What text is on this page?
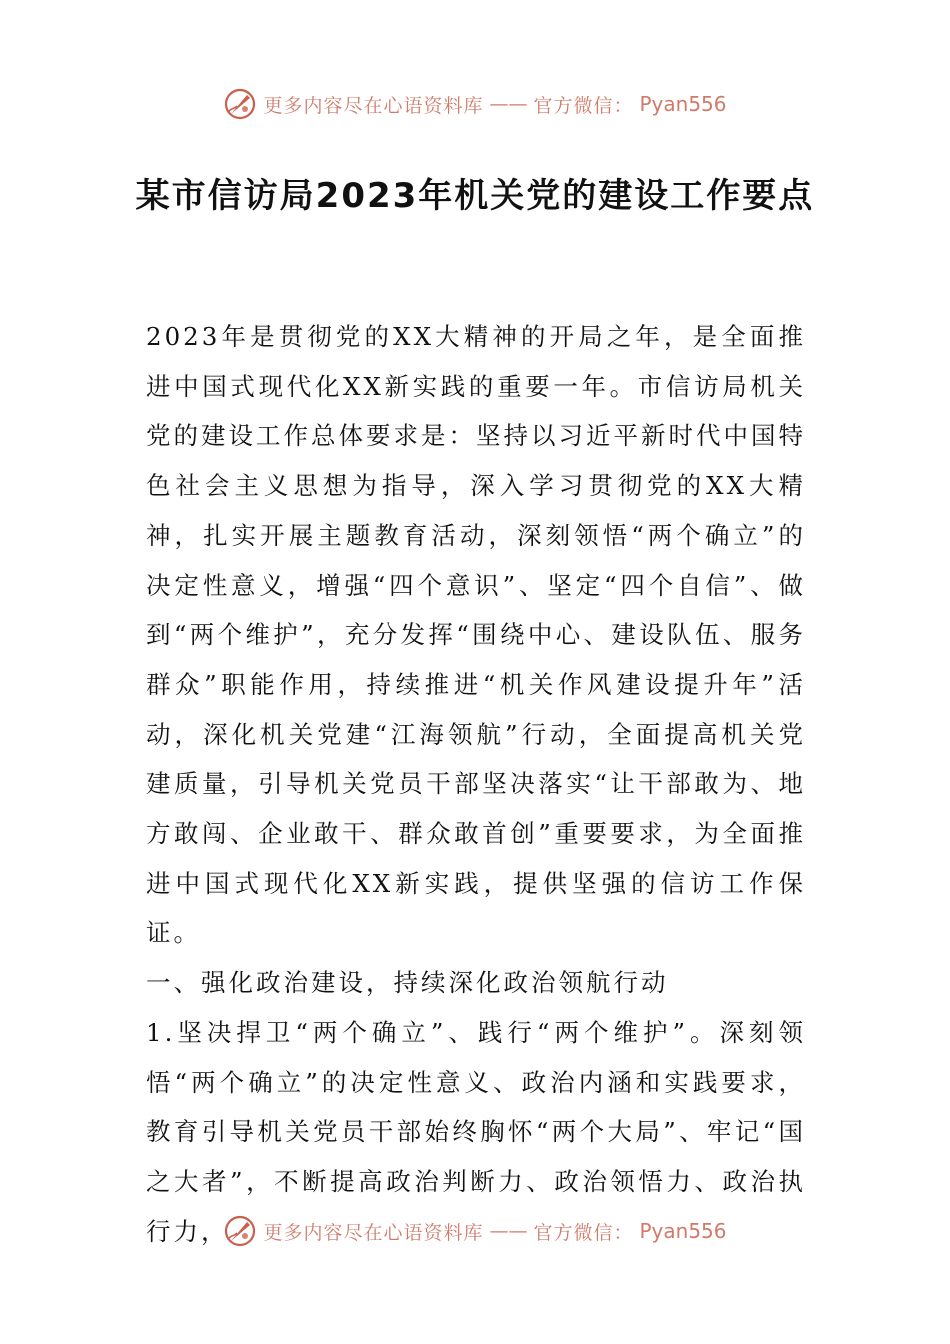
更多内容尽在心语资料库 —— 官方微信： Pyan556
某市信访局2023年机关党的建设工作要点

2023年是贯彻党的XX大精神的开局之年，是全面推进中国式现代化XX新实践的重要一年。市信访局机关党的建设工作总体要求是：坚持以习近平新时代中国特色社会主义思想为指导，深入学习贯彻党的XX大精神，扎实开展主题教育活动，深刻领悟“两个确立”的决定性意义，增强“四个意识”、坚定“四个自信”、做到“两个维护”，充分发挥“围绕中心、建设队伍、服务群众”职能作用，持续推进“机关作风建设提升年”活动，深化机关党建“江海领航”行动，全面提高机关党建质量，引导机关党员干部坚决落实“让干部敢为、地方敢闯、企业敢干、群众敢首创”重要要求，为全面推进中国式现代化XX新实践，提供坚强的信访工作保证。

一、强化政治建设，持续深化政治领航行动

1.坚决捍卫“两个确立”、践行“两个维护”。深刻领悟“两个确立”的决定性意义、政治内涵和实践要求，教育引导机关党员干部始终胸怀“两个大局”、牢记“国之大者”，不断提高政治判断力、政治领悟力、政治执行力，	更多内容尽在心语资料库 —— 官方微信： Pyan556
